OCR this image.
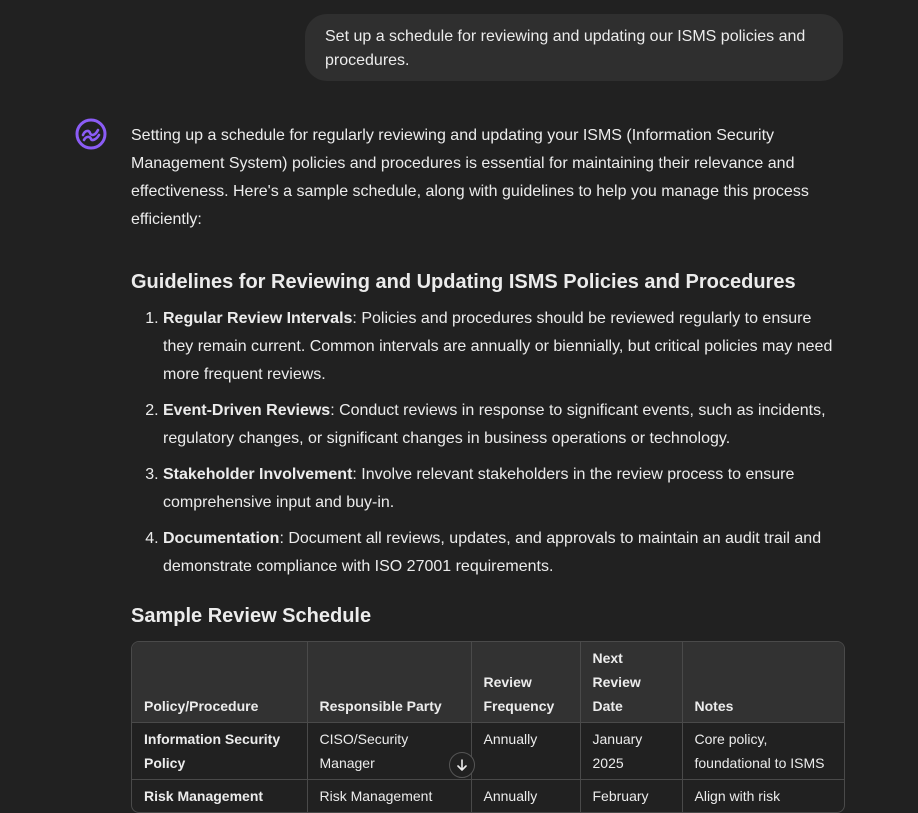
Set up a schedule for reviewing and updating our ISMS policies and procedures.

Setting up a schedule for regularly reviewing and updating your ISMS (Information Security Management System) policies and procedures is essential for maintaining their relevance and effectiveness. Here's a sample schedule, along with guidelines to help you manage this process efficiently:

Guidelines for Reviewing and Updating ISMS Policies and Procedures
1. Regular Review Intervals: Policies and procedures should be reviewed regularly to ensure they remain current. Common intervals are annually or biennially, but critical policies may need more frequent reviews.
2. Event-Driven Reviews: Conduct reviews in response to significant events, such as incidents, regulatory changes, or significant changes in business operations or technology.
3. Stakeholder Involvement: Involve relevant stakeholders in the review process to ensure comprehensive input and buy-in.
4. Documentation: Document all reviews, updates, and approvals to maintain an audit trail and demonstrate compliance with ISO 27001 requirements.
Sample Review Schedule
Policy/Procedure	Responsible Party	Review Frequency	Next Review Date	Notes
Information Security Policy	CISO/Security Manager	Annually	January 2025	Core policy, foundational to ISMS
Risk Management	Risk Management	Annually	February	Align with risk
